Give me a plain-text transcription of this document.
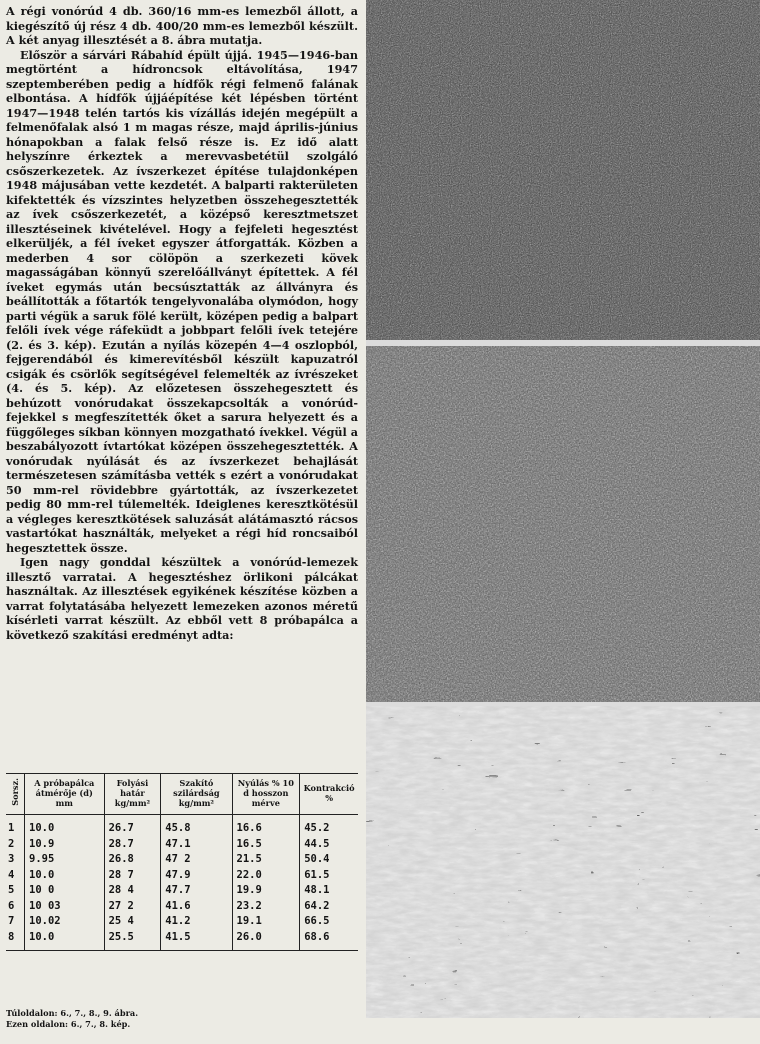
A régi vonórúd 4 db. 360/16 mm-es lemezből állott, a kiegészítő új rész 4 db. 400/20 mm-es lemezből készült. A két anyag illesztését a 8. ábra mutatja.

Először a sárvári Rábahíd épült újjá. 1945—1946-ban megtörtént a hídroncsok eltávolítása, 1947 szeptemberében pedig a hídfők régi felmenő falának elbontása. A hídfők újjáépítése két lépésben történt 1947—1948 telén tartós kis vízállás idején megépült a felmenőfalak alsó 1 m magas része, majd április-június hónapokban a falak felső része is. Ez idő alatt helyszínre érkeztek a merevvasbetétül szolgáló csőszerkezetek. Az ívszerkezet építése tulajdonképen 1948 májusában vette kezdetét. A balparti rakterületen kifektették és vízszintes helyzetben összehegesztették az ívek csőszerkezetét, a középső keresztmetszet illesztéseinek kivételével. Hogy a fejfeleti hegesztést elkerüljék, a fél íveket egyszer átforgatták. Közben a mederben 4 sor cölöpön a szerkezeti kövek magasságában könnyű szerelőállványt építettek. A fél íveket egymás után becsúsztatták az állványra és beállították a főtartók tengelyvonalába olymódon, hogy parti végük a saruk fölé került, középen pedig a balpart felőli ívek vége ráfeküdt a jobbpart felőli ívek tetejére (2. és 3. kép). Ezután a nyílás közepén 4—4 oszlopból, fejgerendából és kimerevítésből készült kapuzatról csigák és csörlők segítségével felemelték az ívrészeket (4. és 5. kép). Az előzetesen összehegesztett és behúzott vonórudakat összekapcsolták a vonórúd-fejekkel s megfeszítették őket a sarura helyezett és a függőleges síkban könnyen mozgatható ívekkel. Végül a beszabályozott ívtartókat középen összehegesztették. A vonórudak nyúlását és az ívszerkezet behajlását természetesen számításba vették s ezért a vonórudakat 50 mm-rel rövidebbre gyártották, az ívszerkezetet pedig 80 mm-rel túlemelték. Ideiglenes keresztkötésül a végleges keresztkötések saluzását alátámasztó rácsos vastartókat használták, melyeket a régi híd roncsaiból hegesztettek össze.

Igen nagy gonddal készültek a vonórúd-lemezek illesztő varratai. A hegesztéshez örlikoni pálcákat használtak. Az illesztések egyikének készítése közben a varrat folytatásába helyezett lemezeken azonos méretű kísérleti varrat készült. Az ebből vett 8 próbapálca a következő szakítási eredményt adta:

Sorsz.	A próbapálca átmérője (d) mm	Folyási határ kg/mm²	Szakító szilárdság kg/mm²	Nyúlás % 10 d hosszon mérve	Kontrakció %
1	10.0	26.7	45.8	16.6	45.2
2	10.9	28.7	47.1	16.5	44.5
3	9.95	26.8	47 2	21.5	50.4
4	10.0	28 7	47.9	22.0	61.5
5	10 0	28 4	47.7	19.9	48.1
6	10 03	27 2	41.6	23.2	64.2
7	10.02	25 4	41.2	19.1	66.5
8	10.0	25.5	41.5	26.0	68.6
Túloldalon: 6., 7., 8., 9. ábra.
Ezen oldalon: 6., 7., 8. kép.
